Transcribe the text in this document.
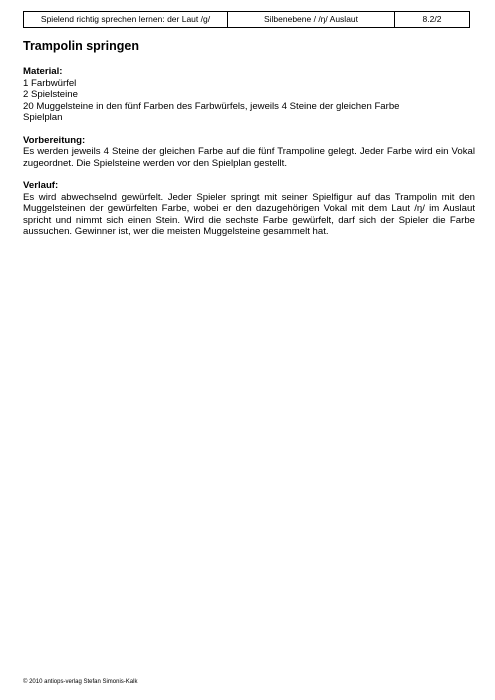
Spielend richtig sprechen lernen: der Laut /g/	Silbenebene / /ŋ/ Auslaut	8.2/2

Trampolin springen

Material:

1 Farbwürfel

2 Spielsteine

20 Muggelsteine in den fünf Farben des Farbwürfels, jeweils 4 Steine der gleichen Farbe

Spielplan

Vorbereitung:

Es werden jeweils 4 Steine der gleichen Farbe auf die fünf Trampoline gelegt. Jeder Farbe wird ein Vokal zugeordnet. Die Spielsteine werden vor den Spielplan gestellt.

Verlauf:

Es wird abwechselnd gewürfelt. Jeder Spieler springt mit seiner Spielfigur auf das Trampolin mit den Muggelsteinen der gewürfelten Farbe, wobei er den dazugehörigen Vokal mit dem Laut /ŋ/ im Auslaut spricht und nimmt sich einen Stein. Wird die sechste Farbe gewürfelt, darf sich der Spieler die Farbe aussuchen. Gewinner ist, wer die meisten Muggelsteine gesammelt hat.

© 2010 antiops-verlag Stefan Simonis-Kalk
